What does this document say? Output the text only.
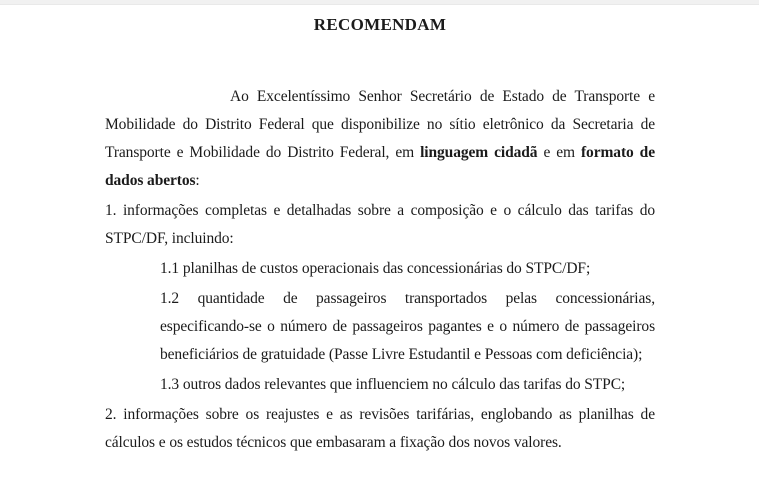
RECOMENDAM

Ao Excelentíssimo Senhor Secretário de Estado de Transporte e Mobilidade do Distrito Federal que disponibilize no sítio eletrônico da Secretaria de Transporte e Mobilidade do Distrito Federal, em linguagem cidadã e em formato de dados abertos:

1. informações completas e detalhadas sobre a composição e o cálculo das tarifas do STPC/DF, incluindo:

1.1 planilhas de custos operacionais das concessionárias do STPC/DF;

1.2 quantidade de passageiros transportados pelas concessionárias, especificando-se o número de passageiros pagantes e o número de passageiros beneficiários de gratuidade (Passe Livre Estudantil e Pessoas com deficiência);

1.3 outros dados relevantes que influenciem no cálculo das tarifas do STPC;

2. informações sobre os reajustes e as revisões tarifárias, englobando as planilhas de cálculos e os estudos técnicos que embasaram a fixação dos novos valores.
